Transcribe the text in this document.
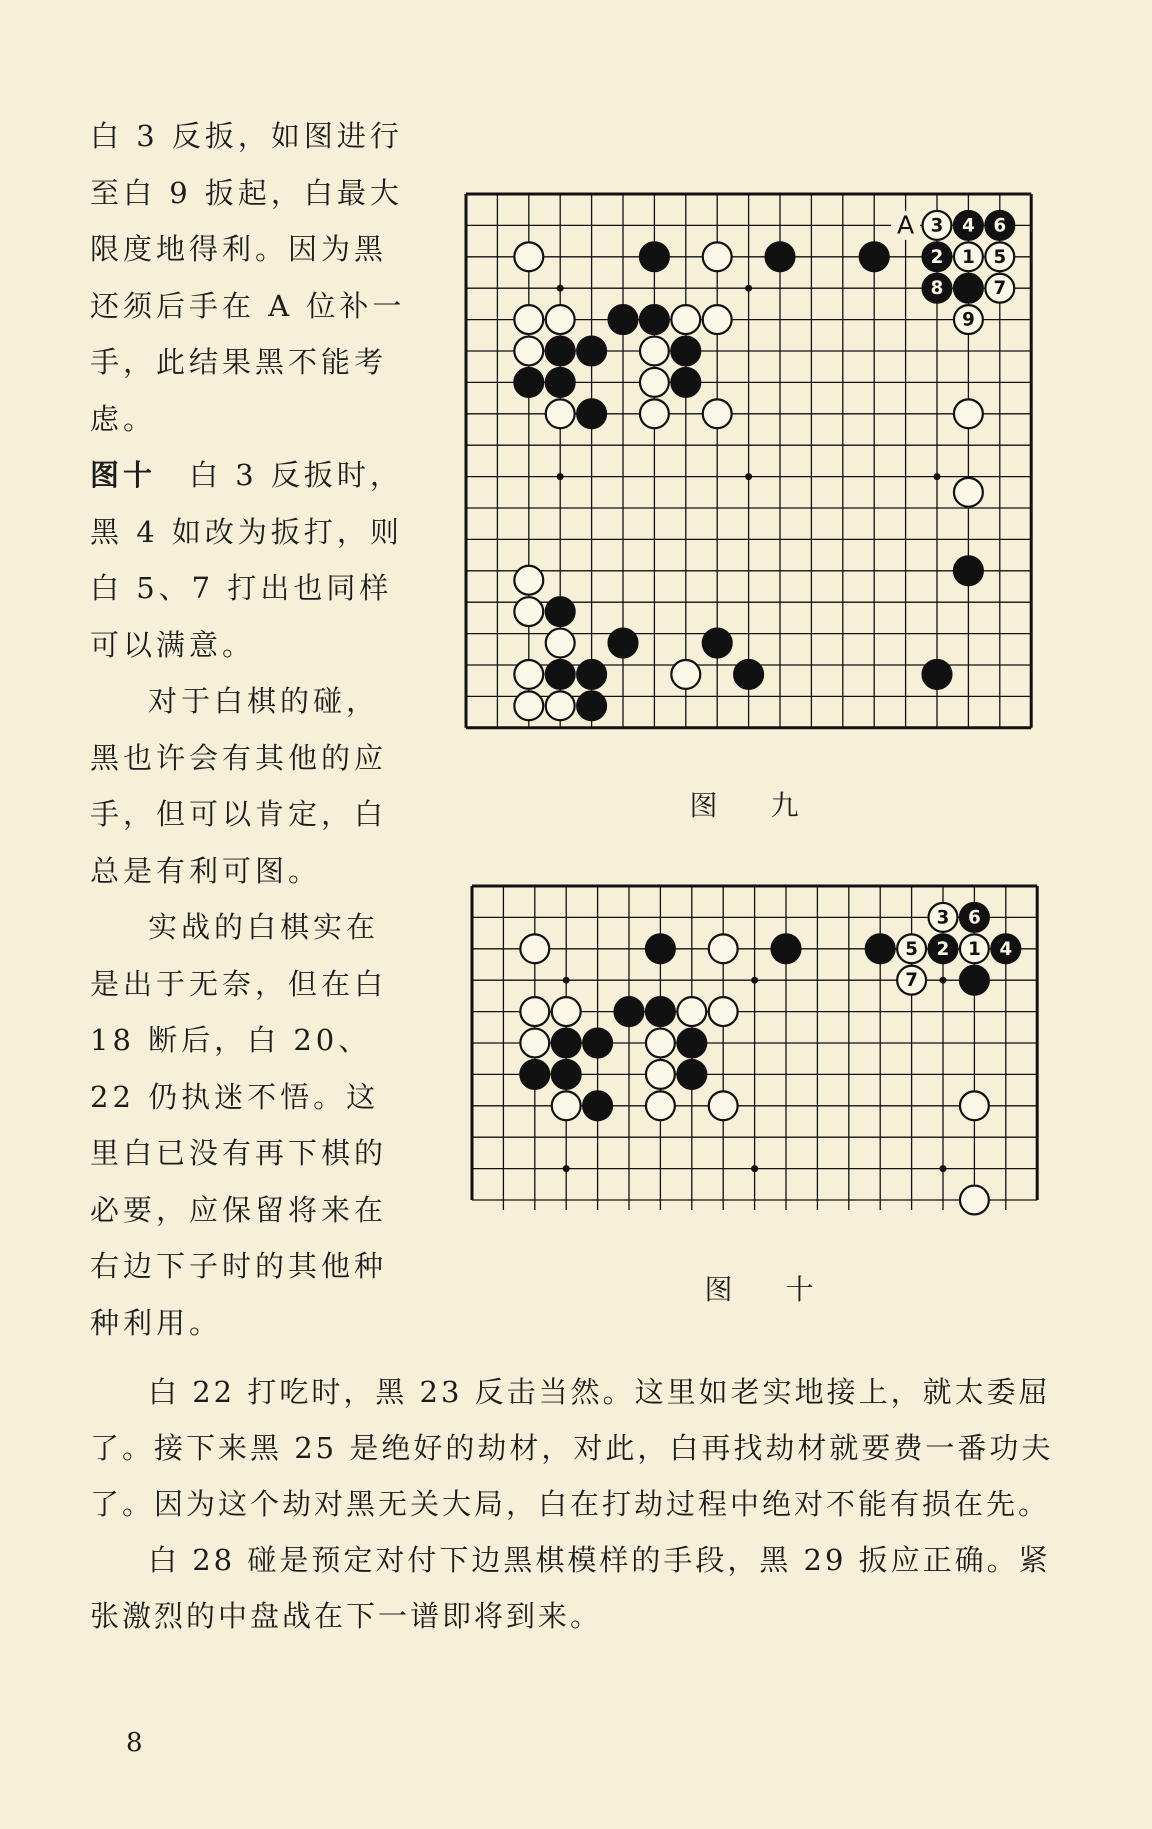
白 3 反扳，如图进行至白 9 扳起，白最大限度地得利。因为黑还须后手在 A 位补一手，此结果黑不能考虑。

图十  白 3 反扳时，黑 4 如改为扳打，则白 5、7 打出也同样可以满意。

对于白棋的碰，黑也许会有其他的应手，但可以肯定，白总是有利可图。

实战的白棋实在是出于无奈，但在白 18 断后，白 20、22 仍执迷不悟。这里白已没有再下棋的必要，应保留将来在右边下子时的其他种种利用。

3 4 6
2 1 5
8	7
9
A
图 九
3 6
5 2 1 4
7
图 十

白 22 打吃时，黑 23 反击当然。这里如老实地接上，就太委屈了。接下来黑 25 是绝好的劫材，对此，白再找劫材就要费一番功夫了。因为这个劫对黑无关大局，白在打劫过程中绝对不能有损在先。

白 28 碰是预定对付下边黑棋模样的手段，黑 29 扳应正确。紧张激烈的中盘战在下一谱即将到来。

8
